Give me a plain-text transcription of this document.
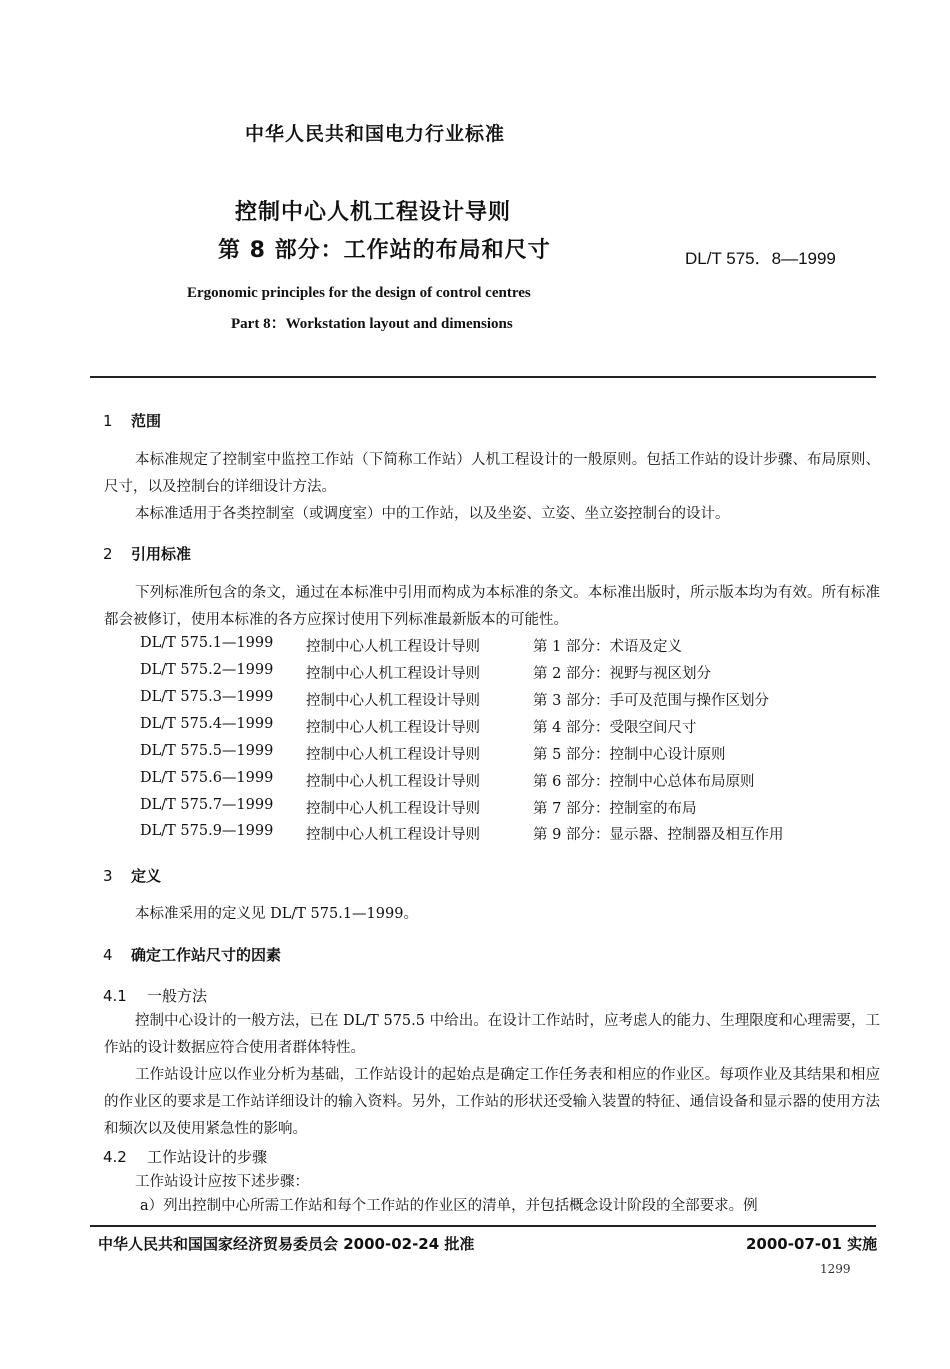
中华人民共和国电力行业标准
控制中心人机工程设计导则
第 8 部分：工作站的布局和尺寸	DL/T 575．8—1999
Ergonomic principles for the design of control centres
Part 8：Workstation layout and dimensions
1 范围
本标准规定了控制室中监控工作站（下简称工作站）人机工程设计的一般原则。包括工作站的设计步骤、布局原则、尺寸，以及控制台的详细设计方法。
本标准适用于各类控制室（或调度室）中的工作站，以及坐姿、立姿、坐立姿控制台的设计。
2 引用标准
下列标准所包含的条文，通过在本标准中引用而构成为本标准的条文。本标准出版时，所示版本均为有效。所有标准都会被修订，使用本标准的各方应探讨使用下列标准最新版本的可能性。
DL/T 575.1—1999 控制中心人机工程设计导则	第 1 部分：术语及定义
DL/T 575.2—1999 控制中心人机工程设计导则	第 2 部分：视野与视区划分
DL/T 575.3—1999 控制中心人机工程设计导则	第 3 部分：手可及范围与操作区划分
DL/T 575.4—1999 控制中心人机工程设计导则	第 4 部分：受限空间尺寸
DL/T 575.5—1999 控制中心人机工程设计导则	第 5 部分：控制中心设计原则
DL/T 575.6—1999 控制中心人机工程设计导则	第 6 部分：控制中心总体布局原则
DL/T 575.7—1999 控制中心人机工程设计导则	第 7 部分：控制室的布局
DL/T 575.9—1999 控制中心人机工程设计导则	第 9 部分：显示器、控制器及相互作用
3 定义
本标准采用的定义见 DL/T 575.1—1999。
4 确定工作站尺寸的因素
4.1 一般方法
控制中心设计的一般方法，已在 DL/T 575.5 中给出。在设计工作站时，应考虑人的能力、生理限度和心理需要，工作站的设计数据应符合使用者群体特性。
工作站设计应以作业分析为基础，工作站设计的起始点是确定工作任务表和相应的作业区。每项作业及其结果和相应的作业区的要求是工作站详细设计的输入资料。另外，工作站的形状还受输入装置的特征、通信设备和显示器的使用方法和频次以及使用紧急性的影响。
4.2 工作站设计的步骤
工作站设计应按下述步骤：
a）列出控制中心所需工作站和每个工作站的作业区的清单，并包括概念设计阶段的全部要求。例
中华人民共和国国家经济贸易委员会 2000-02-24 批准	2000-07-01 实施
1299
